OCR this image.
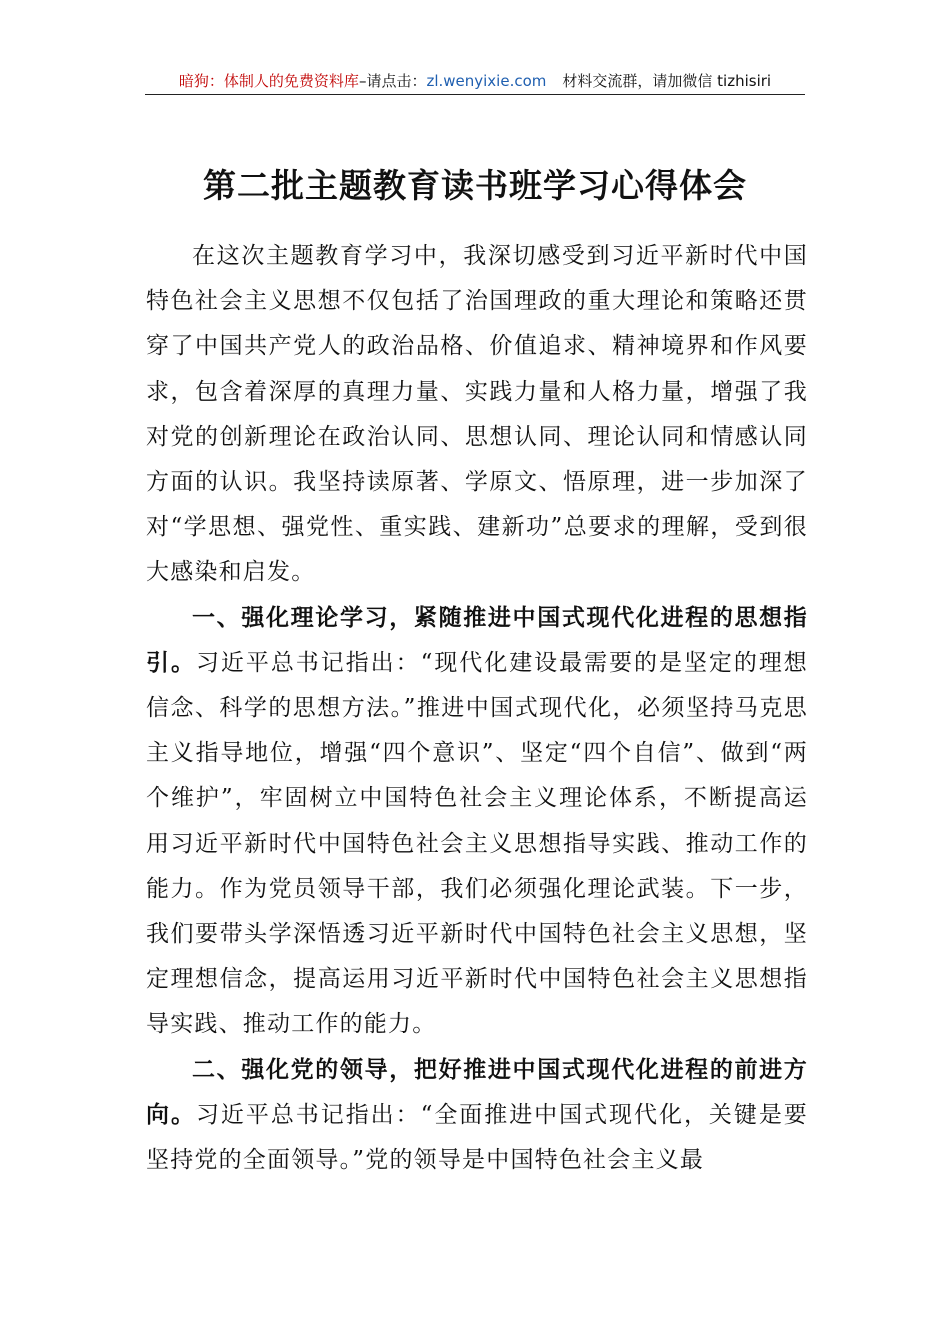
暗狗：体制人的免费资料库–请点击：zl.wenyixie.com 材料交流群，请加微信 tizhisiri
第二批主题教育读书班学习心得体会

在这次主题教育学习中，我深切感受到习近平新时代中国特色社会主义思想不仅包括了治国理政的重大理论和策略还贯穿了中国共产党人的政治品格、价值追求、精神境界和作风要求，包含着深厚的真理力量、实践力量和人格力量，增强了我对党的创新理论在政治认同、思想认同、理论认同和情感认同方面的认识。我坚持读原著、学原文、悟原理，进一步加深了对“学思想、强党性、重实践、建新功”总要求的理解，受到很大感染和启发。

一、强化理论学习，紧随推进中国式现代化进程的思想指引。习近平总书记指出：“现代化建设最需要的是坚定的理想信念、科学的思想方法。”推进中国式现代化，必须坚持马克思主义指导地位，增强“四个意识”、坚定“四个自信”、做到“两个维护”，牢固树立中国特色社会主义理论体系，不断提高运用习近平新时代中国特色社会主义思想指导实践、推动工作的能力。作为党员领导干部，我们必须强化理论武装。下一步，我们要带头学深悟透习近平新时代中国特色社会主义思想，坚定理想信念，提高运用习近平新时代中国特色社会主义思想指导实践、推动工作的能力。

二、强化党的领导，把好推进中国式现代化进程的前进方向。习近平总书记指出：“全面推进中国式现代化，关键是要坚持党的全面领导。”党的领导是中国特色社会主义最
